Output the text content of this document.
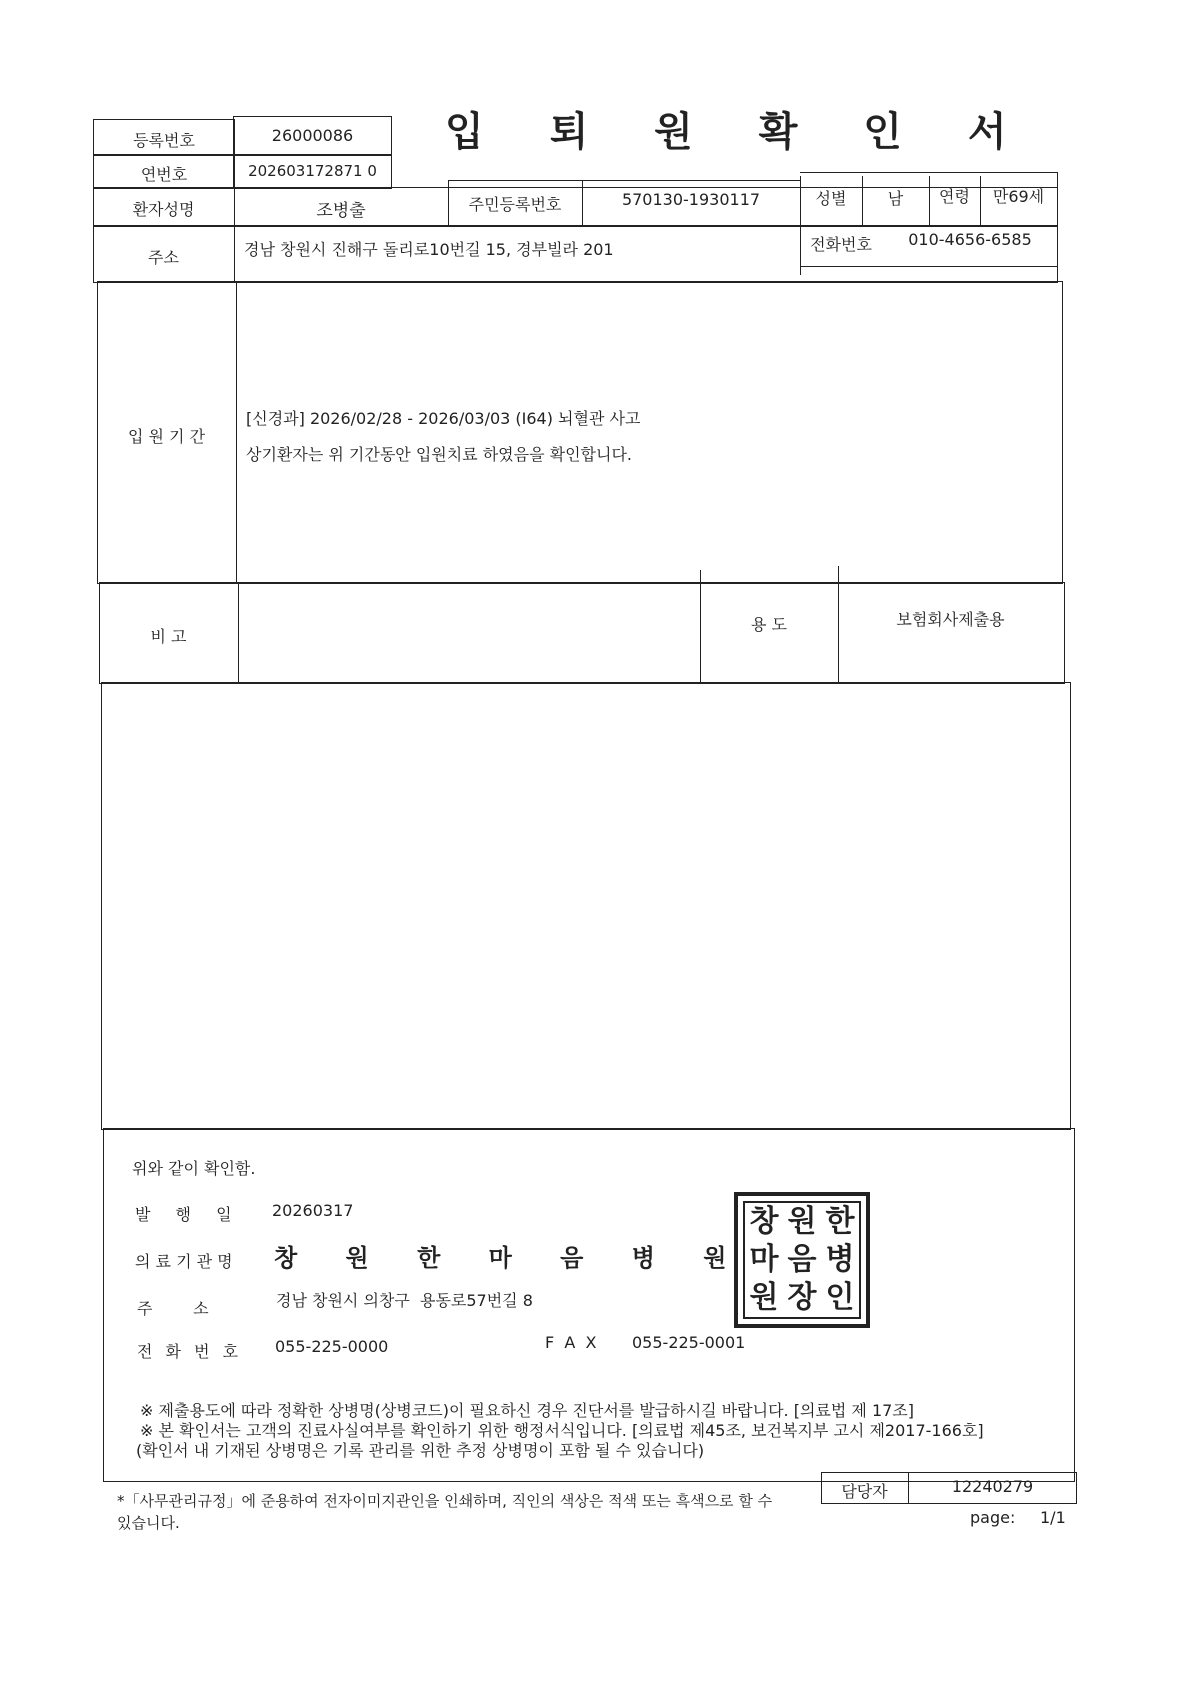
입 퇴 원 확 인 서
등록번호	26000086
연번호	202603172871 0
환자성명	조병출	주민등록번호	570130-1930117	성별	남	연령	만69세
주소	경남 창원시 진해구 돌리로10번길 15, 경부빌라 201	전화번호	010-4656-6585
입 원 기 간
[신경과] 2026/02/28 - 2026/03/03 (I64) 뇌혈관 사고
상기환자는 위 기간동안 입원치료 하였음을 확인합니다.
비 고
용 도	보험회사제출용
위와 같이 확인함.
발 행 일	20260317
의 료 기 관 명 창 원 한 마 음 병 원
주        소	경남 창원시 의창구  용동로57번길 8
전 화 번 호 055-225-0000	F  A  X 055-225-0001
창 원 한
마 음 병
원 장 인
※ 제출용도에 따라 정확한 상병명(상병코드)이 필요하신 경우 진단서를 발급하시길 바랍니다. [의료법 제 17조]
※ 본 확인서는 고객의 진료사실여부를 확인하기 위한 행정서식입니다. [의료법 제45조, 보건복지부 고시 제2017-166호]
(확인서 내 기재된 상병명은 기록 관리를 위한 추정 상병명이 포함 될 수 있습니다)
*「사무관리규정」에 준용하여 전자이미지관인을 인쇄하며, 직인의 색상은 적색 또는 흑색으로 할 수
있습니다.
담당자	12240279
page: 1/1
